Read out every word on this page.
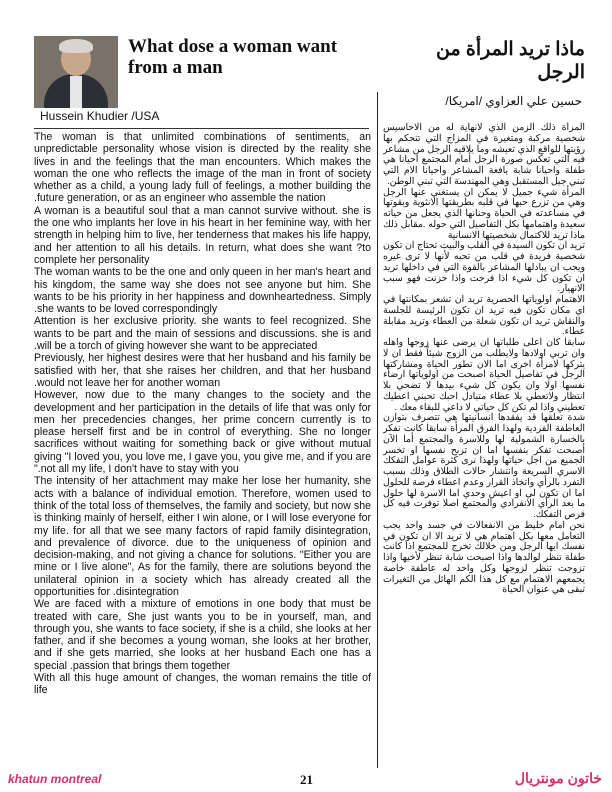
What dose a woman want from a man
ماذا تريد المرأة من الرجل
Hussein Khudier /USA
حسين علي العزاوي /امريكا/

The woman is that unlimited combinations of sentiments, an unpredictable personality whose vision is directed by the reality she lives in and the feelings that the man encounters. Which makes the woman the one who reflects the image of the man in front of society whether as a child, a young lady full of feelings, a mother building the .future generation, or as an engineer who assemble the nation

A woman is a beautiful soul that a man cannot survive without. she is the one who implants her love in his heart in her feminine way, with her strength in helping him to live, her tenderness that makes his life happy, and her attention to all his details. In return, what does she want ?to complete her personality

The woman wants to be the one and only queen in her man's heart and his kingdom, the same way she does not see anyone but him. She wants to be his priority in her happiness and downheartedness. Simply .she wants to be loved correspondingly

Attention is her exclusive priority. she wants to feel recognized. She wants to be part and the main of sessions and discussions. she is and .will be a torch of giving however she want to be appreciated

Previously, her highest desires were that her husband and his family be satisfied with her, that she raises her children, and that her husband .would not leave her for another woman

However, now due to the many changes to the society and the development and her participation in the details of life that was only for men her precedencies changes, her prime concern currently is to please herself first and be in control of everything. She no longer sacrifices without waiting for something back or give without mutual giving "I loved you, you love me, I gave you, you give me, and if you are ".not all my life, I don't have to stay with you

The intensity of her attachment may make her lose her humanity, she acts with a balance of individual emotion. Therefore, women used to think of the total loss of themselves, the family and society, but now she is thinking mainly of herself, either I win alone, or I will lose everyone for my life. for all that we see many factors of rapid family disintegration, and prevalence of divorce. due to the uniqueness of opinion and decision-making, and not giving a chance for solutions. "Either you are mine or I live alone", As for the family, there are solutions beyond the unilateral opinion in a society which has already created all the opportunities for .disintegration

We are faced with a mixture of emotions in one body that must be treated with care, She just wants you to be in yourself, man, and through you, she wants to face society, if she is a child, she looks at her father, and if she becomes a young woman, she looks at her brother, and if she gets married, she looks at her husband Each one has a special .passion that brings them together

With all this huge amount of changes, the woman remains the title of life

المرأة ذلك الزمن الذي لانهاية له من الاحاسيس شخصية مركبة ومتغيرة في المزاج التي تتحكم بها رؤيتها للواقع الذي تعيشه وما يلاقيه الرجل من مشاعر فيه التي تعكس صورة الرجل أمام المجتمع احيانا هي طفلة واحيانا شابة يافعة المشاعر واحيانا الام التي تبني جيل المستقبل وهي المهندسة التي تبني الوطن.

المرأة شيء جميل لا يمكن ان يستغني عنها الرجل وهي من تزرع حبها في قلبه بطريقتها الانثوية وبقوتها في مساعدته في الحياة وحنانها الذي يجعل من حياته سعيدة واهتمامها بكل التفاصيل التي حوله .مقابل ذلك ماذا تريد للاكتمال شخصيتها الانسانية

تريد ان تكون السيدة في القلب والبيت تحتاج ان تكون شخصية فريدة في قلب من تحبه لأنها لا ترى غيره ويجب ان يبادلها المشاعر بالقوة التي في داخلها تريد ان تكون كل شيء اذا فرحت واذا حزنت فهو سبب الانهيار.

الاهتمام اولوياتها الحصرية تريد ان تشعر بمكانتها في اي مكان تكون فيه تريد ان تكون الرئيسة للجلسة والنقاش تريد ان تكون شعلة من العطاء وتريد مقابلة عطاء.

سابقا كان اعلى طلباتها ان يرضى عنها زوجها واهله وان تربي اولادها ولايطلب من الزوج شيئاً فقط ان لا يتركها لامرأة اخرى اما الان تطور الحياة ومشاركتها الرجل في تفاصيل الحياة اصبحت من اولوياتها ارضاء نفسها اولا وان يكون كل شيء بيدها لا تضحي بلا انتظار ولاتعطي بلا عطاء متبادل احبك تحبني اعطيك تعطيني واذا لم تكن كل حياتي لا داعي للبقاء معك .

شدة تعلقها قد يفقدها انسانيتها هي تتصرف بتوازن العاطفة الفردية ولهذا الفرق المرأة سابقا كانت تفكر بالخسارة الشمولية لها وللاسرة والمجتمع أما الآن أصبحت تفكر بنفسها اما ان تربح نفسها او تخسر الجميع من اجل حياتها ولهذا نرى كثرة عوامل التفكك الاسري السريعة وانتشار حالات الطلاق وذلك بسبب التفرد بالرأي واتخاذ القرار وعدم اعطاء فرصة للحلول اما ان تكون لي او اعيش وحدي اما الاسرة لها حلول ما بعد الرأي الانفرادي والمجتمع اصلا توفرت فيه كل فرص التفكك.

نحن امام خليط من الانفعالات في جسد واحد يجب التعامل معها بكل اهتمام هي لا تريد الا ان تكون في نفسك ايها الرجل ومن خلالك تخرج للمجتمع اذا كانت طفلة تنظر لوالدها واذا اصبحت شابة تنظر لأخيها واذا تزوجت تنظر لزوجها وكل واحد له عاطفة خاصة يجمعهم الاهتمام مع كل هذا الكم الهائل من التغيرات تبقى هي عنوان الحياة

khatun montreal	21	خاتون مونتريال
